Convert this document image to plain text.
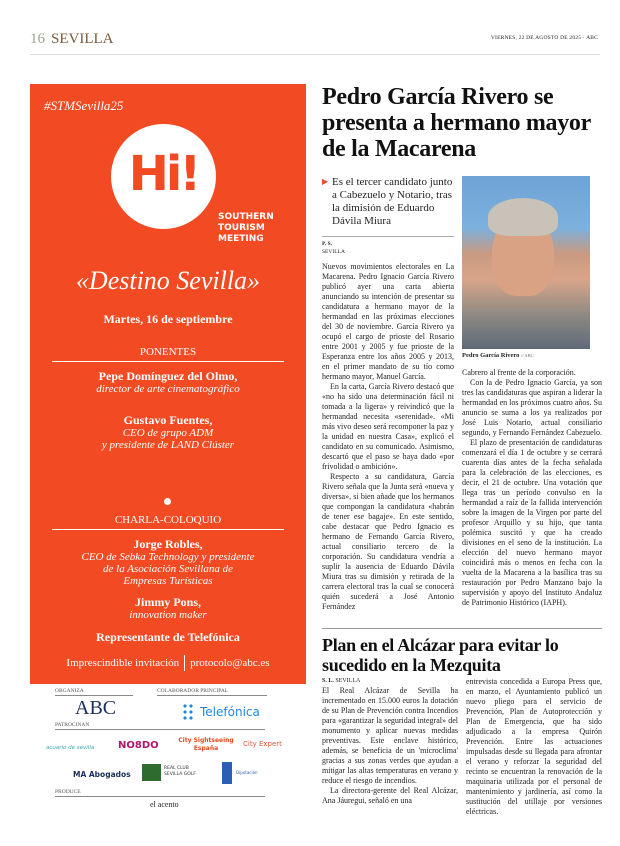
16 SEVILLA	VIERNES, 22 DE AGOSTO DE 2025 · ABC
#STMSevilla25
Hi!
SOUTHERN
TOURISM
MEETING
«Destino Sevilla»
Martes, 16 de septiembre
PONENTES
Pepe Domínguez del Olmo,
director de arte cinematográfico
Gustavo Fuentes,
CEO de grupo ADM
y presidente de LAND Clúster
CHARLA-COLOQUIO
Jorge Robles,
CEO de Sebka Technology y presidente
de la Asociación Sevillana de
Empresas Turísticas
Jimmy Pons,
innovation maker
Representante de Telefónica
Imprescindible invitación protocolo@abc.es
ORGANIZA
ABC
COLABORADOR PRINCIPAL
Telefónica
PATROCINAN
acuario de sevilla NO8DO	City Sightseeing España
City Expert
MA Abogados
REAL CLUB SEVILLA GOLF	Diputación
PRODUCE
el acento
Pedro García Rivero se presenta a hermano mayor de la Macarena
▶ Es el tercer candidato junto a Cabezuelo y Notario, tras la dimisión de Eduardo Dávila Miura
P. S.
SEVILLA

Nuevos movimientos electorales en La Macarena. Pedro Ignacio García Rivero publicó ayer una carta abierta anunciando su intención de presentar su candidatura a hermano mayor de la hermandad en las próximas elecciones del 30 de noviembre. García Rivero ya ocupó el cargo de prioste del Rosario entre 2001 y 2005 y fue prioste de la Esperanza entre los años 2005 y 2013, en el primer mandato de su tío como hermano mayor, Manuel García.

En la carta, García Rivero destacó que «no ha sido una determinación fácil ni tomada a la ligera» y reivindicó que la hermandad necesita «serenidad». «Mi más vivo deseo será recomponer la paz y la unidad en nuestra Casa», explicó el candidato en su comunicado. Asimismo, descartó que el paso se haya dado «por frivolidad o ambición».

Respecto a su candidatura, García Rivero señala que la Junta será «nueva y diversa», si bien añade que los hermanos que compongan la candidatura «habrán de tener ese bagaje». En este sentido, cabe destacar que Pedro Ignacio es hermano de Fernando García Rivero, actual consiliario tercero de la corporación. Su candidatura vendría a suplir la ausencia de Eduardo Dávila Miura tras su dimisión y retirada de la carrera electoral tras la cual se conocerá quién sucederá a José Antonio Fernández

Pedro García Rivero // ABC

Cabrero al frente de la corporación.

Con la de Pedro Ignacio García, ya son tres las candidaturas que aspiran a liderar la hermandad en los próximos cuatro años. Su anuncio se suma a los ya realizados por José Luis Notario, actual consiliario segundo, y Fernando Fernández Cabezuelo.

El plazo de presentación de candidaturas comenzará el día 1 de octubre y se cerrará cuarenta días antes de la fecha señalada para la celebración de las elecciones, es decir, el 21 de octubre. Una votación que llega tras un período convulso en la hermandad a raíz de la fallida intervención sobre la imagen de la Virgen por parte del profesor Arquillo y su hijo, que tanta polémica suscitó y que ha creado divisiones en el seno de la institución. La elección del nuevo hermano mayor coincidirá más o menos en fecha con la vuelta de la Macarena a la basílica tras su restauración por Pedro Manzano bajo la supervisión y apoyo del Instituto Andaluz de Patrimonio Histórico (IAPH).

Plan en el Alcázar para evitar lo sucedido en la Mezquita
S. L. SEVILLA

El Real Alcázar de Sevilla ha incrementado en 15.000 euros la dotación de su Plan de Prevención contra Incendios para «garantizar la seguridad integral» del monumento y aplicar nuevas medidas preventivas. Este enclave histórico, además, se beneficia de un 'microclima' gracias a sus zonas verdes que ayudan a mitigar las altas temperaturas en verano y reduce el riesgo de incendios.

La directora-gerente del Real Alcázar, Ana Jáuregui, señaló en una

entrevista concedida a Europa Press que, en marzo, el Ayuntamiento publicó un nuevo pliego para el servicio de Prevención, Plan de Autoprotección y Plan de Emergencia, que ha sido adjudicado a la empresa Quirón Prevención. Entre las actuaciones impulsadas desde su llegada para afrontar el verano y reforzar la seguridad del recinto se encuentran la renovación de la maquinaria utilizada por el personal de mantenimiento y jardinería, así como la sustitución del utillaje por versiones eléctricas.
